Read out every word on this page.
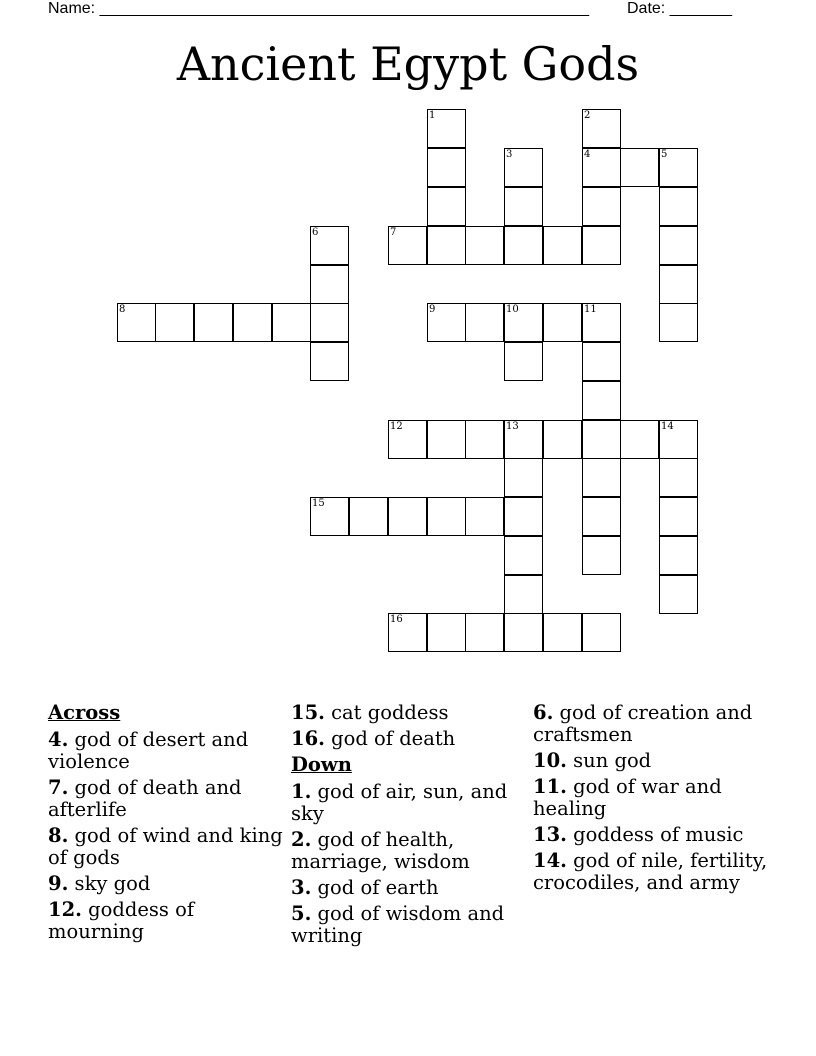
Name: _______________________________________________________ Date: _______
Ancient Egypt Gods
1	2
3	4	5
6	7
8	9	10	11
12	13	14
15
16
Across
4. god of desert and violence
7. god of death and afterlife
8. god of wind and king of gods
9. sky god
12. goddess of mourning
15. cat goddess
16. god of death
Down
1. god of air, sun, and sky
2. god of health, marriage, wisdom
3. god of earth
5. god of wisdom and writing
6. god of creation and craftsmen
10. sun god
11. god of war and healing
13. goddess of music
14. god of nile, fertility, crocodiles, and army
